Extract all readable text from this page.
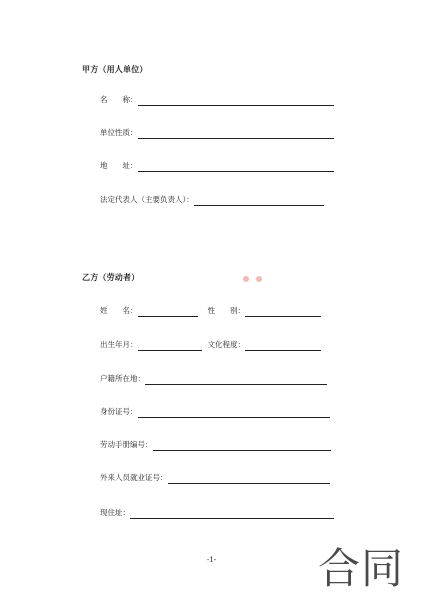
甲方（用人单位）
名　　称：
单位性质：
地　　址：
法定代表人（主要负责人）：
乙方（劳动者）
姓　　名：	性　　别：
出生年月：	文化程度：
户籍所在地：
身份证号：
劳动手册编号：
外来人员就业证号：
现住址：
-1-	合同
